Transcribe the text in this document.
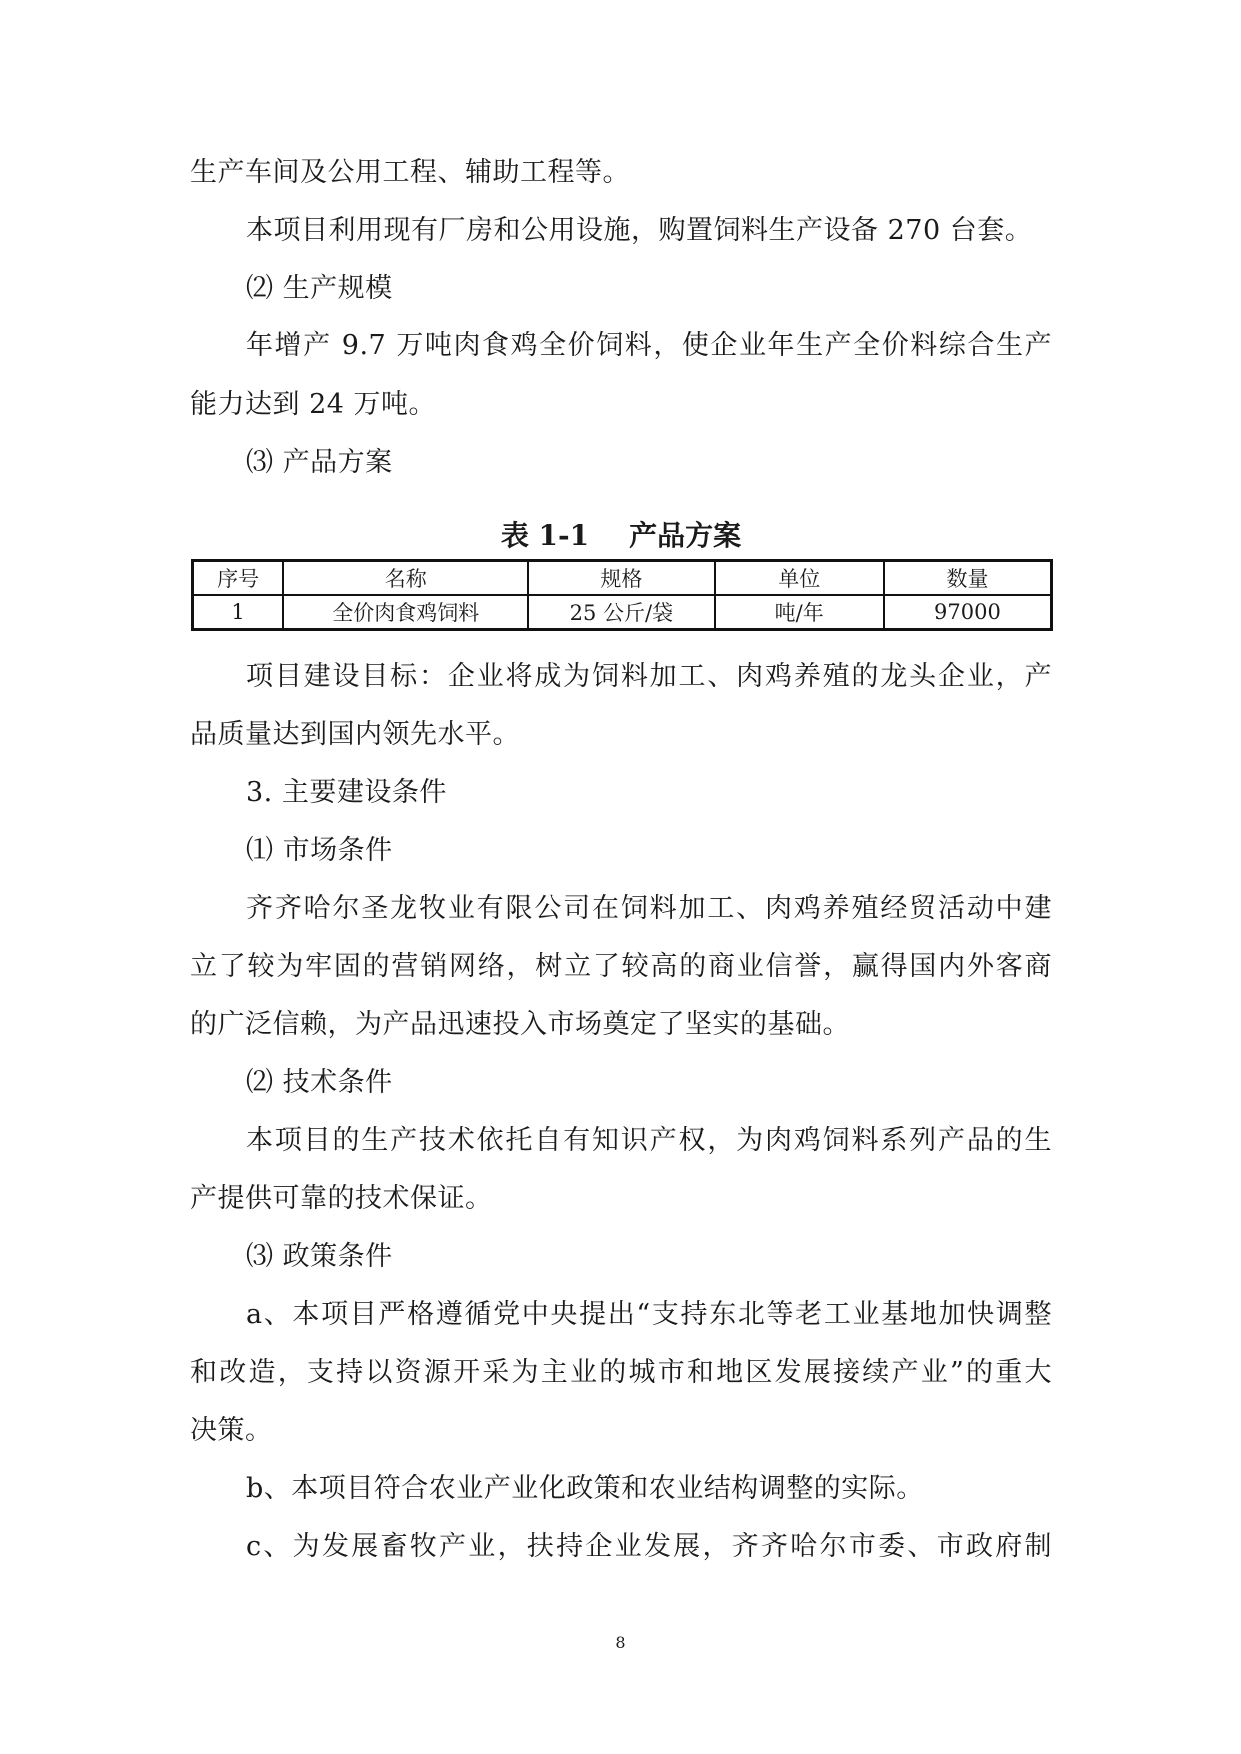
生产车间及公用工程、辅助工程等。
本项目利用现有厂房和公用设施，购置饲料生产设备 270 台套。
⑵ 生产规模
年增产 9.7 万吨肉食鸡全价饲料，使企业年生产全价料综合生产
能力达到 24 万吨。
⑶ 产品方案
表 1-1 产品方案
序号	名称	规格	单位	数量
1	全价肉食鸡饲料	25 公斤/袋	吨/年	97000
项目建设目标：企业将成为饲料加工、肉鸡养殖的龙头企业，产
品质量达到国内领先水平。
3. 主要建设条件
⑴ 市场条件
齐齐哈尔圣龙牧业有限公司在饲料加工、肉鸡养殖经贸活动中建
立了较为牢固的营销网络，树立了较高的商业信誉，赢得国内外客商
的广泛信赖，为产品迅速投入市场奠定了坚实的基础。
⑵ 技术条件
本项目的生产技术依托自有知识产权，为肉鸡饲料系列产品的生
产提供可靠的技术保证。
⑶ 政策条件
a、本项目严格遵循党中央提出“支持东北等老工业基地加快调整
和改造，支持以资源开采为主业的城市和地区发展接续产业”的重大
决策。
b、本项目符合农业产业化政策和农业结构调整的实际。
c、为发展畜牧产业，扶持企业发展，齐齐哈尔市委、市政府制
8
